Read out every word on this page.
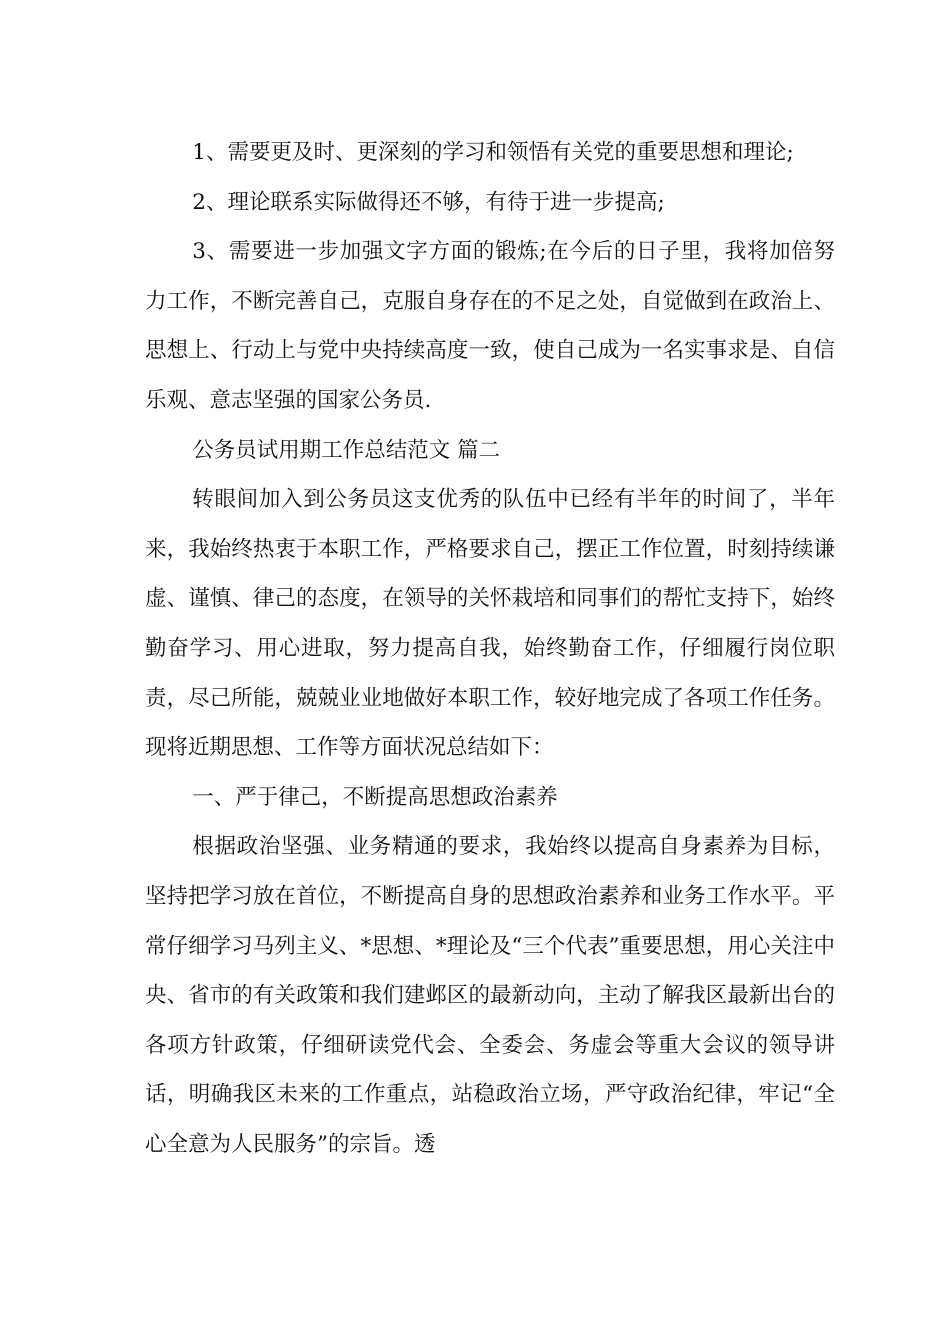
1、需要更及时、更深刻的学习和领悟有关党的重要思想和理论;

2、理论联系实际做得还不够，有待于进一步提高;

3、需要进一步加强文字方面的锻炼;在今后的日子里，我将加倍努力工作，不断完善自己，克服自身存在的不足之处，自觉做到在政治上、思想上、行动上与党中央持续高度一致，使自己成为一名实事求是、自信乐观、意志坚强的国家公务员.

公务员试用期工作总结范文 篇二

转眼间加入到公务员这支优秀的队伍中已经有半年的时间了，半年来，我始终热衷于本职工作，严格要求自己，摆正工作位置，时刻持续谦虚、谨慎、律己的态度，在领导的关怀栽培和同事们的帮忙支持下，始终勤奋学习、用心进取，努力提高自我，始终勤奋工作，仔细履行岗位职责，尽己所能，兢兢业业地做好本职工作，较好地完成了各项工作任务。现将近期思想、工作等方面状况总结如下：

一、严于律己，不断提高思想政治素养

根据政治坚强、业务精通的要求，我始终以提高自身素养为目标，坚持把学习放在首位，不断提高自身的思想政治素养和业务工作水平。平常仔细学习马列主义、*思想、*理论及“三个代表”重要思想，用心关注中央、省市的有关政策和我们建邺区的最新动向，主动了解我区最新出台的各项方针政策，仔细研读党代会、全委会、务虚会等重大会议的领导讲话，明确我区未来的工作重点，站稳政治立场，严守政治纪律，牢记“全心全意为人民服务”的宗旨。透
